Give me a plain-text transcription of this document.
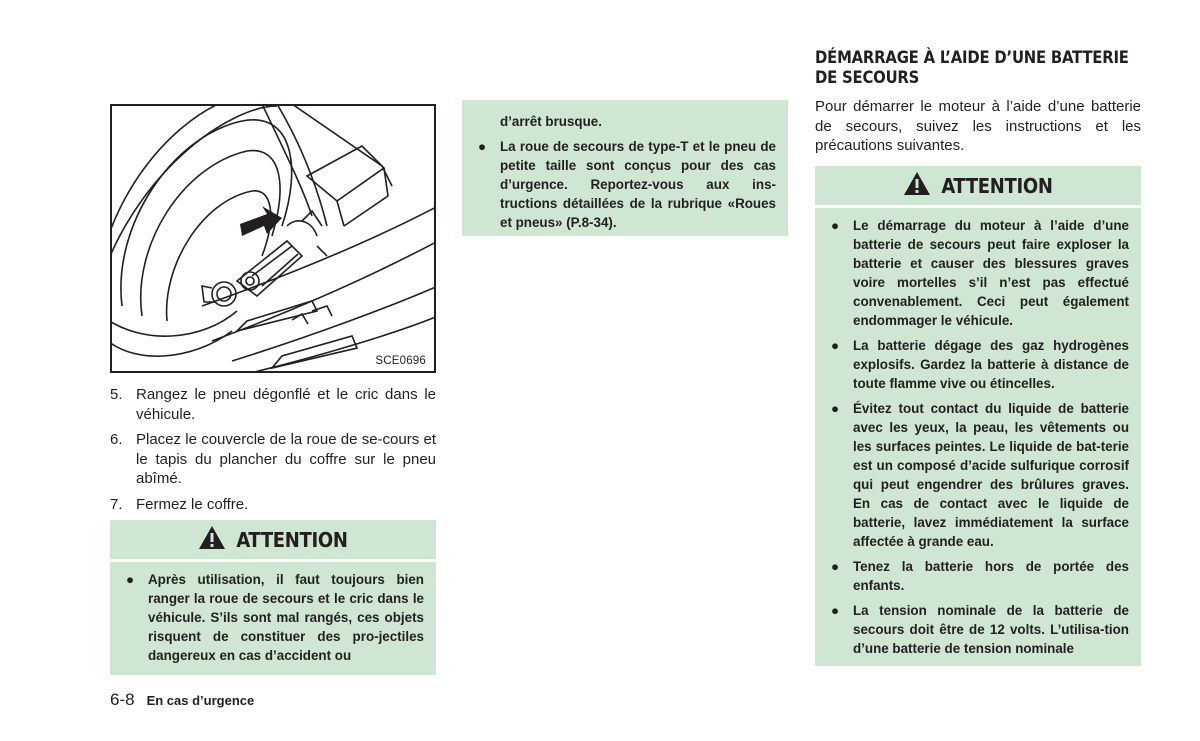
SCE0696
5. Rangez le pneu dégonflé et le cric dans le véhicule.
6. Placez le couvercle de la roue de se-cours et le tapis du plancher du coffre sur le pneu abîmé.
7. Fermez le coffre.
ATTENTION
●	Après utilisation, il faut toujours bien ranger la roue de secours et le cric dans le véhicule. S’ils sont mal rangés, ces objets risquent de constituer des pro-jectiles dangereux en cas d’accident ou
d’arrêt brusque.
●	La roue de secours de type-T et le pneu de petite taille sont conçus pour des cas d’urgence. Reportez-vous aux ins-tructions détaillées de la rubrique «Roues et pneus» (P.8-34).
DÉMARRAGE À L’AIDE D’UNE BATTERIE DE SECOURS
Pour démarrer le moteur à l’aide d’une batterie de secours, suivez les instructions et les précautions suivantes.
ATTENTION
●	Le démarrage du moteur à l’aide d’une batterie de secours peut faire exploser la batterie et causer des blessures graves voire mortelles s’il n’est pas effectué convenablement. Ceci peut également endommager le véhicule.
●	La batterie dégage des gaz hydrogènes explosifs. Gardez la batterie à distance de toute flamme vive ou étincelles.
●	Évitez tout contact du liquide de batterie avec les yeux, la peau, les vêtements ou les surfaces peintes. Le liquide de bat-terie est un composé d’acide sulfurique corrosif qui peut engendrer des brûlures graves. En cas de contact avec le liquide de batterie, lavez immédiatement la surface affectée à grande eau.
●	Tenez la batterie hors de portée des enfants.
●	La tension nominale de la batterie de secours doit être de 12 volts. L’utilisa-tion d’une batterie de tension nominale
6-8 En cas d’urgence
